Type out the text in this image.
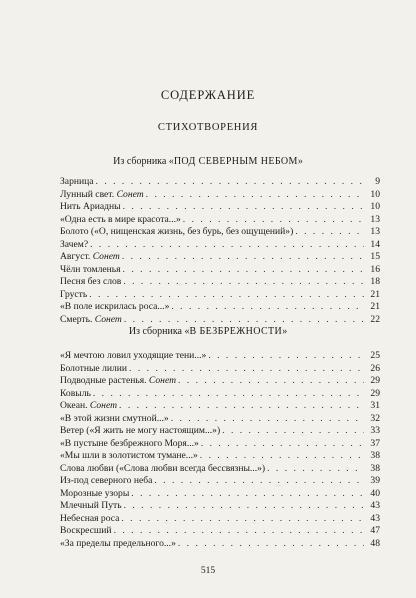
СОДЕРЖАНИЕ
СТИХОТВОРЕНИЯ
Из сборника «ПОД СЕВЕРНЫМ НЕБОМ»
Зарница . . .	9
Лунный свет. Сонет . . .	10
Нить Ариадны . . .	10
«Одна есть в мире красота...» . . .	13
Болото («О, нищенская жизнь, без бурь, без ощущений») . . .	13
Зачем? . . .	14
Август. Сонет . . .	15
Чёлн томленья . . .	16
Песня без слов . . .	18
Грусть . . .	21
«В поле искрилась роса...» . . .	21
Смерть. Сонет . . .	22
Из сборника «В БЕЗБРЕЖНОСТИ»
«Я мечтою ловил уходящие тени...» . . .	25
Болотные лилии . . .	26
Подводные растенья. Сонет . . .	29
Ковыль . . .	29
Океан. Сонет . . .	31
«В этой жизни смутной...» . . .	32
Ветер («Я жить не могу настоящим...») . . .	33
«В пустыне безбрежного Моря...» . . .	37
«Мы шли в золотистом тумане...» . . .	38
Слова любви («Слова любви всегда бессвязны...») . . .	38
Из-под северного неба . . .	39
Морозные узоры . . .	40
Млечный Путь . . .	43
Небесная роса . . .	43
Воскресший . . .	47
«За пределы предельного...» . . .	48
515
